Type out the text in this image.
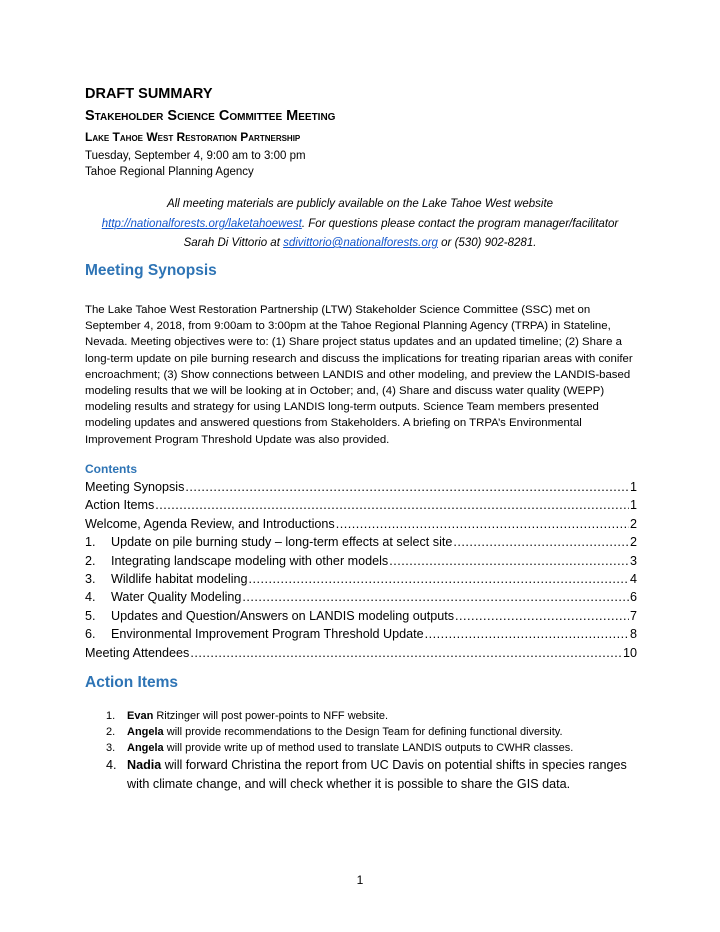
DRAFT SUMMARY
Stakeholder Science Committee Meeting
Lake Tahoe West Restoration Partnership
Tuesday, September 4, 9:00 am to 3:00 pm
Tahoe Regional Planning Agency
All meeting materials are publicly available on the Lake Tahoe West website
http://nationalforests.org/laketahoewest. For questions please contact the program manager/facilitator Sarah Di Vittorio at sdivittorio@nationalforests.org or (530) 902-8281.
Meeting Synopsis
The Lake Tahoe West Restoration Partnership (LTW) Stakeholder Science Committee (SSC) met on September 4, 2018, from 9:00am to 3:00pm at the Tahoe Regional Planning Agency (TRPA) in Stateline, Nevada. Meeting objectives were to: (1) Share project status updates and an updated timeline; (2) Share a long-term update on pile burning research and discuss the implications for treating riparian areas with conifer encroachment; (3) Show connections between LANDIS and other modeling, and preview the LANDIS-based modeling results that we will be looking at in October; and, (4) Share and discuss water quality (WEPP) modeling results and strategy for using LANDIS long-term outputs. Science Team members presented modeling updates and answered questions from Stakeholders. A briefing on TRPA’s Environmental Improvement Program Threshold Update was also provided.
Contents
Meeting Synopsis .....	1
Action Items .....	1
Welcome, Agenda Review, and Introductions .....	2
1.	Update on pile burning study – long-term effects at select site .....	2
2.	Integrating landscape modeling with other models .....	3
3.	Wildlife habitat modeling .....	4
4.	Water Quality Modeling .....	6
5.	Updates and Question/Answers on LANDIS modeling outputs .....	7
6.	Environmental Improvement Program Threshold Update .....	8
Meeting Attendees .....	10
Action Items
1.	Evan Ritzinger will post power-points to NFF website.
2.	Angela will provide recommendations to the Design Team for defining functional diversity.
3.	Angela will provide write up of method used to translate LANDIS outputs to CWHR classes.
4. Nadia will forward Christina the report from UC Davis on potential shifts in species ranges with climate change, and will check whether it is possible to share the GIS data.
1
